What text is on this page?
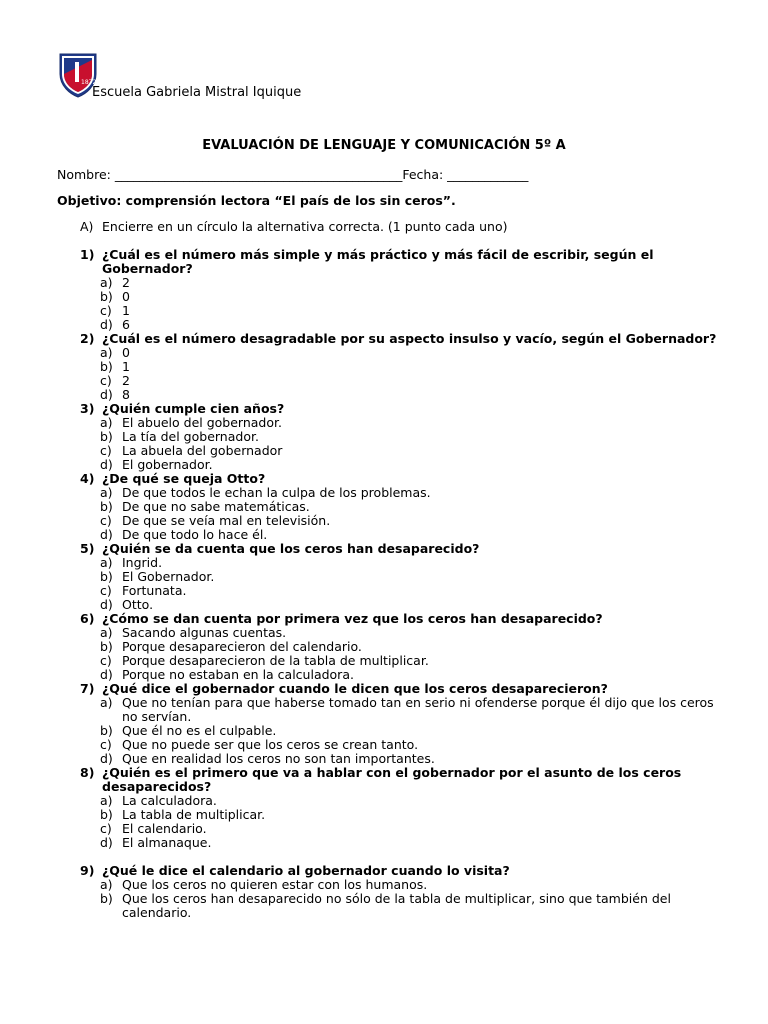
1872
Escuela Gabriela Mistral Iquique
EVALUACIÓN DE LENGUAJE Y COMUNICACIÓN 5º A
Nombre: ______________________________________________Fecha: _____________
Objetivo: comprensión lectora “El país de los sin ceros”.
A) Encierre en un círculo la alternativa correcta. (1 punto cada uno)
1) ¿Cuál es el número más simple y más práctico y más fácil de escribir, según el Gobernador?
a) 2
b) 0
c) 1
d) 6
2) ¿Cuál es el número desagradable por su aspecto insulso y vacío, según el Gobernador?
a) 0
b) 1
c) 2
d) 8
3) ¿Quién cumple cien años?
a) El abuelo del gobernador.
b) La tía del gobernador.
c) La abuela del gobernador
d) El gobernador.
4) ¿De qué se queja Otto?
a) De que todos le echan la culpa de los problemas.
b) De que no sabe matemáticas.
c) De que se veía mal en televisión.
d) De que todo lo hace él.
5) ¿Quién se da cuenta que los ceros han desaparecido?
a) Ingrid.
b) El Gobernador.
c) Fortunata.
d) Otto.
6) ¿Cómo se dan cuenta por primera vez que los ceros han desaparecido?
a) Sacando algunas cuentas.
b) Porque desaparecieron del calendario.
c) Porque desaparecieron de la tabla de multiplicar.
d) Porque no estaban en la calculadora.
7) ¿Qué dice el gobernador cuando le dicen que los ceros desaparecieron?
a) Que no tenían para que haberse tomado tan en serio ni ofenderse porque él dijo que los ceros no servían.
b) Que él no es el culpable.
c) Que no puede ser que los ceros se crean tanto.
d) Que en realidad los ceros no son tan importantes.
8) ¿Quién es el primero que va a hablar con el gobernador por el asunto de los ceros desaparecidos?
a) La calculadora.
b) La tabla de multiplicar.
c) El calendario.
d) El almanaque.
9) ¿Qué le dice el calendario al gobernador cuando lo visita?
a) Que los ceros no quieren estar con los humanos.
b) Que los ceros han desaparecido no sólo de la tabla de multiplicar, sino que también del calendario.
